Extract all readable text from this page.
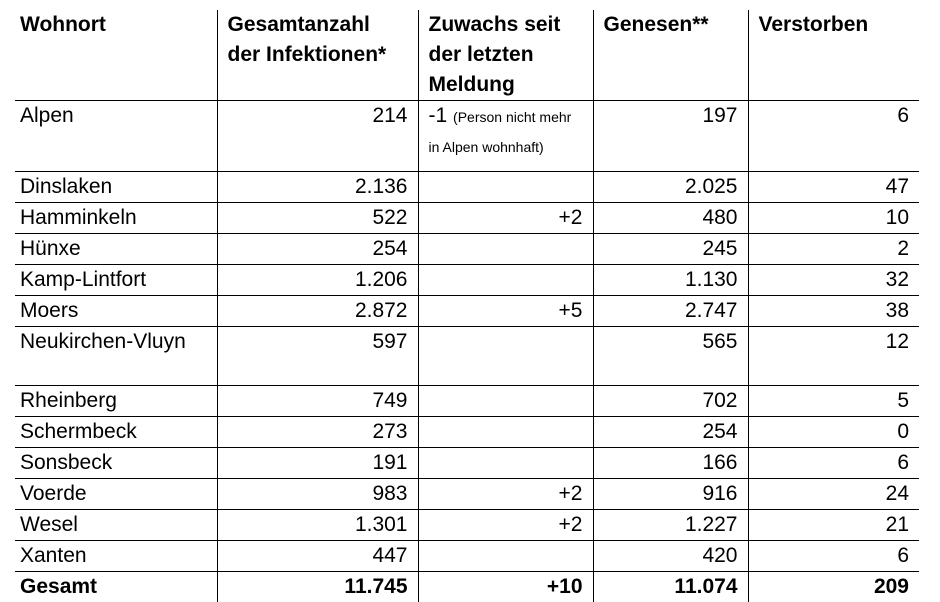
Wohnort	Gesamtanzahl der Infektionen*	Zuwachs seit der letzten Meldung	Genesen**	Verstorben
Alpen	214	-1 (Person nicht mehr in Alpen wohnhaft)	197	6
Dinslaken	2.136		2.025	47
Hamminkeln	522	+2	480	10
Hünxe	254		245	2
Kamp-Lintfort	1.206		1.130	32
Moers	2.872	+5	2.747	38
Neukirchen-Vluyn	597		565	12
Rheinberg	749		702	5
Schermbeck	273		254	0
Sonsbeck	191		166	6
Voerde	983	+2	916	24
Wesel	1.301	+2	1.227	21
Xanten	447		420	6
Gesamt	11.745	+10	11.074	209
